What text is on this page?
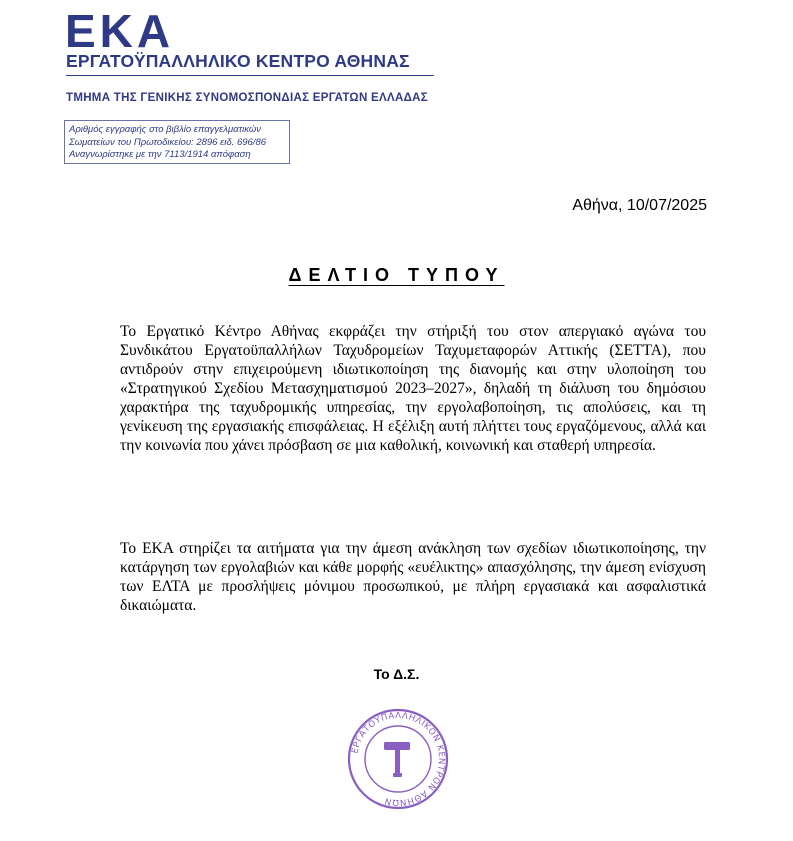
ΕΚΑ
ΕΡΓΑΤΟΫΠΑΛΛΗΛΙΚΟ ΚΕΝΤΡΟ ΑΘΗΝΑΣ
ΤΜΗΜΑ ΤΗΣ ΓΕΝΙΚΗΣ ΣΥΝΟΜΟΣΠΟΝΔΙΑΣ ΕΡΓΑΤΩΝ ΕΛΛΑΔΑΣ
Αριθμός εγγραφής στο βιβλίο επαγγελματικών
Σωματείων του Πρωτοδικείου: 2896 ειδ. 696/86
Αναγνωρίστηκε με την 7113/1914 απόφαση
Αθήνα, 10/07/2025
ΔΕΛΤΙΟ ΤΥΠΟΥ

Το Εργατικό Κέντρο Αθήνας εκφράζει την στήριξή του στον απεργιακό αγώνα του Συνδικάτου Εργατοϋπαλλήλων Ταχυδρομείων Ταχυμεταφορών Αττικής (ΣΕΤΤΑ), που αντιδρούν στην επιχειρούμενη ιδιωτικοποίηση της διανομής και στην υλοποίηση του «Στρατηγικού Σχεδίου Μετασχηματισμού 2023–2027», δηλαδή τη διάλυση του δημόσιου χαρακτήρα της ταχυδρομικής υπηρεσίας, την εργολαβοποίηση, τις απολύσεις, και τη γενίκευση της εργασιακής επισφάλειας. Η εξέλιξη αυτή πλήττει τους εργαζόμενους, αλλά και την κοινωνία που χάνει πρόσβαση σε μια καθολική, κοινωνική και σταθερή υπηρεσία.

Το ΕΚΑ στηρίζει τα αιτήματα για την άμεση ανάκληση των σχεδίων ιδιωτικοποίησης, την κατάργηση των εργολαβιών και κάθε μορφής «ευέλικτης» απασχόλησης, την άμεση ενίσχυση των ΕΛΤΑ με προσλήψεις μόνιμου προσωπικού, με πλήρη εργασιακά και ασφαλιστικά δικαιώματα.

Το Δ.Σ.
ΕΡΓΑΤΟΫΠΑΛΛΗΛΙΚΟΝ ΚΕΝΤΡΟΝ ΑΘΗΝΩΝ
